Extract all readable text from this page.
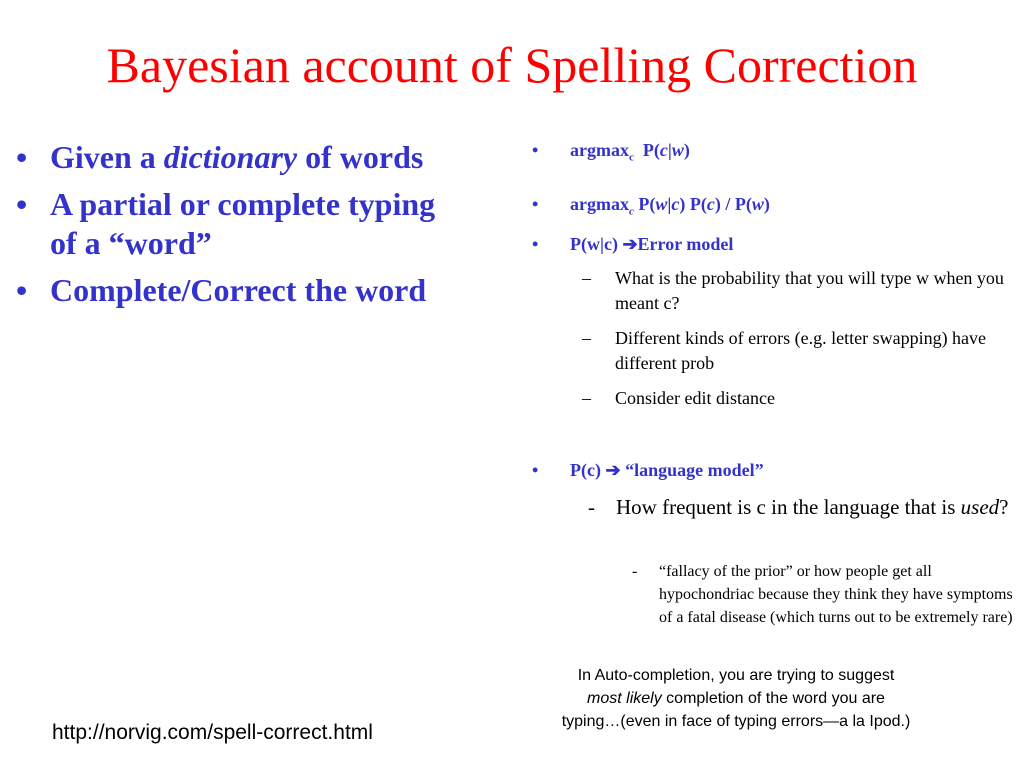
Bayesian account of Spelling Correction
• Given a dictionary of words
• A partial or complete typing of a “word”
• Complete/Correct the word
• argmax$_c$ P(c|w)
• argmax$_c$ P(w|c) P(c) / P(w)
• P(w|c) ➔Error model
–	What is the probability that you will type w when you meant c?
–	Different kinds of errors (e.g. letter swapping) have different prob
–	Consider edit distance
• P(c) ➔ “language model”
-	How frequent is c in the language that is used?
-	“fallacy of the prior” or how people get all hypochondriac because they think they have symptoms of a fatal disease (which turns out to be extremely rare)
In Auto-completion, you are trying to suggest most likely completion of the word you are typing…(even in face of typing errors—a la Ipod.)
http://norvig.com/spell-correct.html
